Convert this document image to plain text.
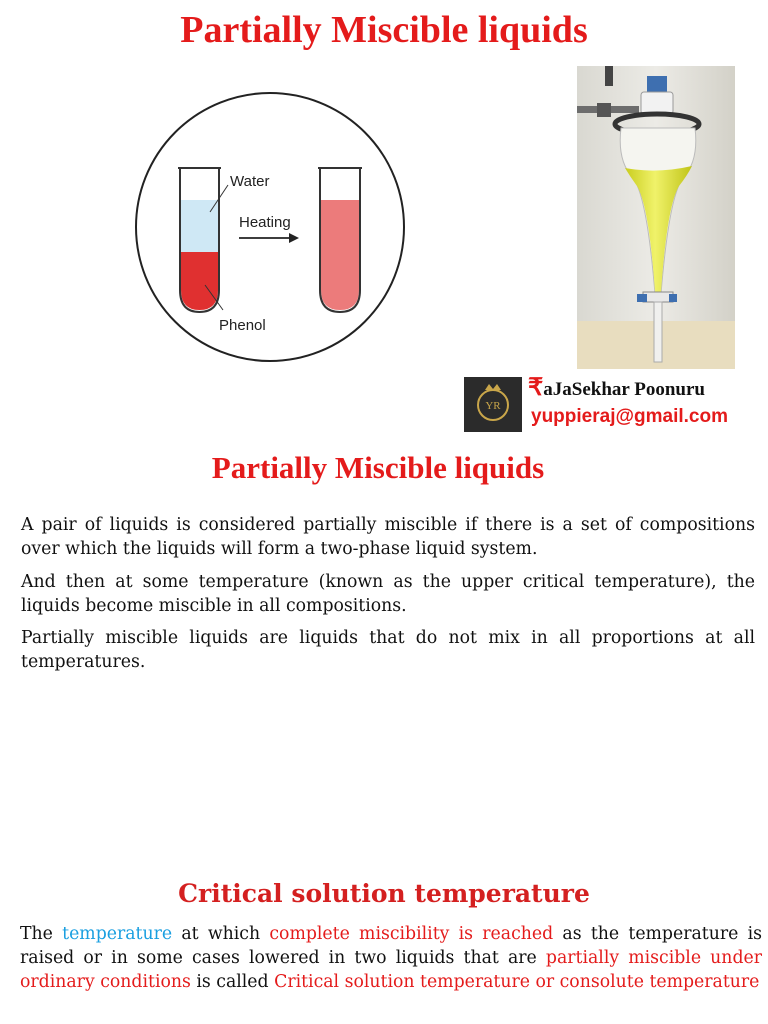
Partially Miscible liquids
Water
Heating
Phenol
YR
₹aJaSekhar Poonuru
yuppieraj@gmail.com
Partially Miscible liquids

A pair of liquids is considered partially miscible if there is a set of compositions over which the liquids will form a two-phase liquid system.

And then at some temperature (known as the upper critical temperature), the liquids become miscible in all compositions.

Partially miscible liquids are liquids that do not mix in all proportions at all temperatures.

Critical solution temperature

The temperature at which complete miscibility is reached as the temperature is raised or in some cases lowered in two liquids that are partially miscible under ordinary conditions is called Critical solution temperature or consolute temperature
